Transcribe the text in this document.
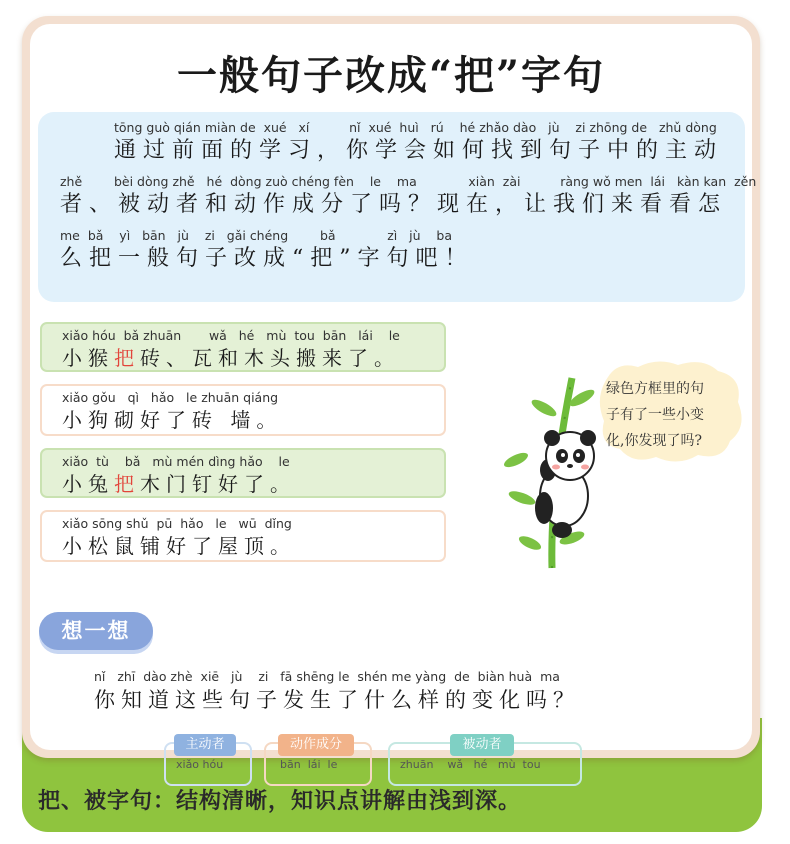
一般句子改成“把”字句
tōng guò qián miàn de  xué   xí          nǐ  xué  huì   rú    hé zhǎo dào   jù    zi zhōng de   zhǔ dòng
通过前面的学习，你学会如何找到句子中的主动
zhě        bèi dòng zhě   hé  dòng zuò chéng fèn    le    ma             xiàn  zài          ràng wǒ men  lái   kàn kan  zěn
者、被动者和动作成分了吗？现在，让我们来看看怎
me  bǎ    yì   bān   jù    zi   gǎi chéng        bǎ             zì   jù    ba
么把一般句子改成“把”字句吧！
xiǎo hóu  bǎ zhuān       wǎ   hé   mù  tou  bān   lái    le
小猴把砖、瓦和木头搬来了。
xiǎo gǒu   qì   hǎo   le zhuān qiáng
小狗砌好了砖 墙。
xiǎo  tù    bǎ   mù mén dìng hǎo    le
小兔把木门钉好了。
xiǎo sōng shǔ  pū  hǎo   le   wū  dǐng
小松鼠铺好了屋顶。
绿色方框里的句
子有了一些小变
化,你发现了吗?
想一想
nǐ   zhī  dào zhè  xiē   jù    zi   fā shēng le  shén me yàng  de  biàn huà  ma
你知道这些句子发生了什么样的变化吗？
xiǎo hóu
主动者
bān  lái  le
动作成分
zhuān    wǎ   hé   mù  tou
被动者
把、被字句：结构清晰，知识点讲解由浅到深。
